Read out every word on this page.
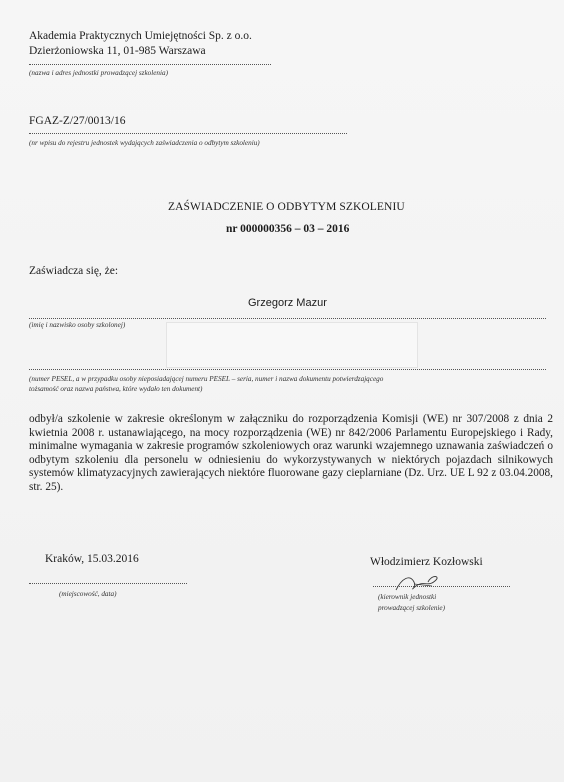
Akademia Praktycznych Umiejętności Sp. z o.o.
Dzierżoniowska 11, 01-985 Warszawa
(nazwa i adres jednostki prowadzącej szkolenia)
FGAZ-Z/27/0013/16
(nr wpisu do rejestru jednostek wydających zaświadczenia o odbytym szkoleniu)
ZAŚWIADCZENIE O ODBYTYM SZKOLENIU
nr 000000356 – 03 – 2016
Zaświadcza się, że:
Grzegorz Mazur
(imię i nazwisko osoby szkolonej)
(numer PESEL, a w przypadku osoby nieposiadającej numeru PESEL – seria, numer i nazwa dokumentu potwierdzającego
tożsamość oraz nazwa państwa, które wydało ten dokument)
odbył/a szkolenie w zakresie określonym w załączniku do rozporządzenia Komisji (WE) nr 307/2008 z dnia 2 kwietnia 2008 r. ustanawiającego, na mocy rozporządzenia (WE) nr 842/2006 Parlamentu Europejskiego i Rady, minimalne wymagania w zakresie programów szkoleniowych oraz warunki wzajemnego uznawania zaświadczeń o odbytym szkoleniu dla personelu w odniesieniu do wykorzystywanych w niektórych pojazdach silnikowych systemów klimatyzacyjnych zawierających niektóre fluorowane gazy cieplarniane (Dz. Urz. UE L 92 z 03.04.2008, str. 25).
Kraków, 15.03.2016
(miejscowość, data)
Włodzimierz Kozłowski
(kierownik jednostki
prowadzącej szkolenie)
